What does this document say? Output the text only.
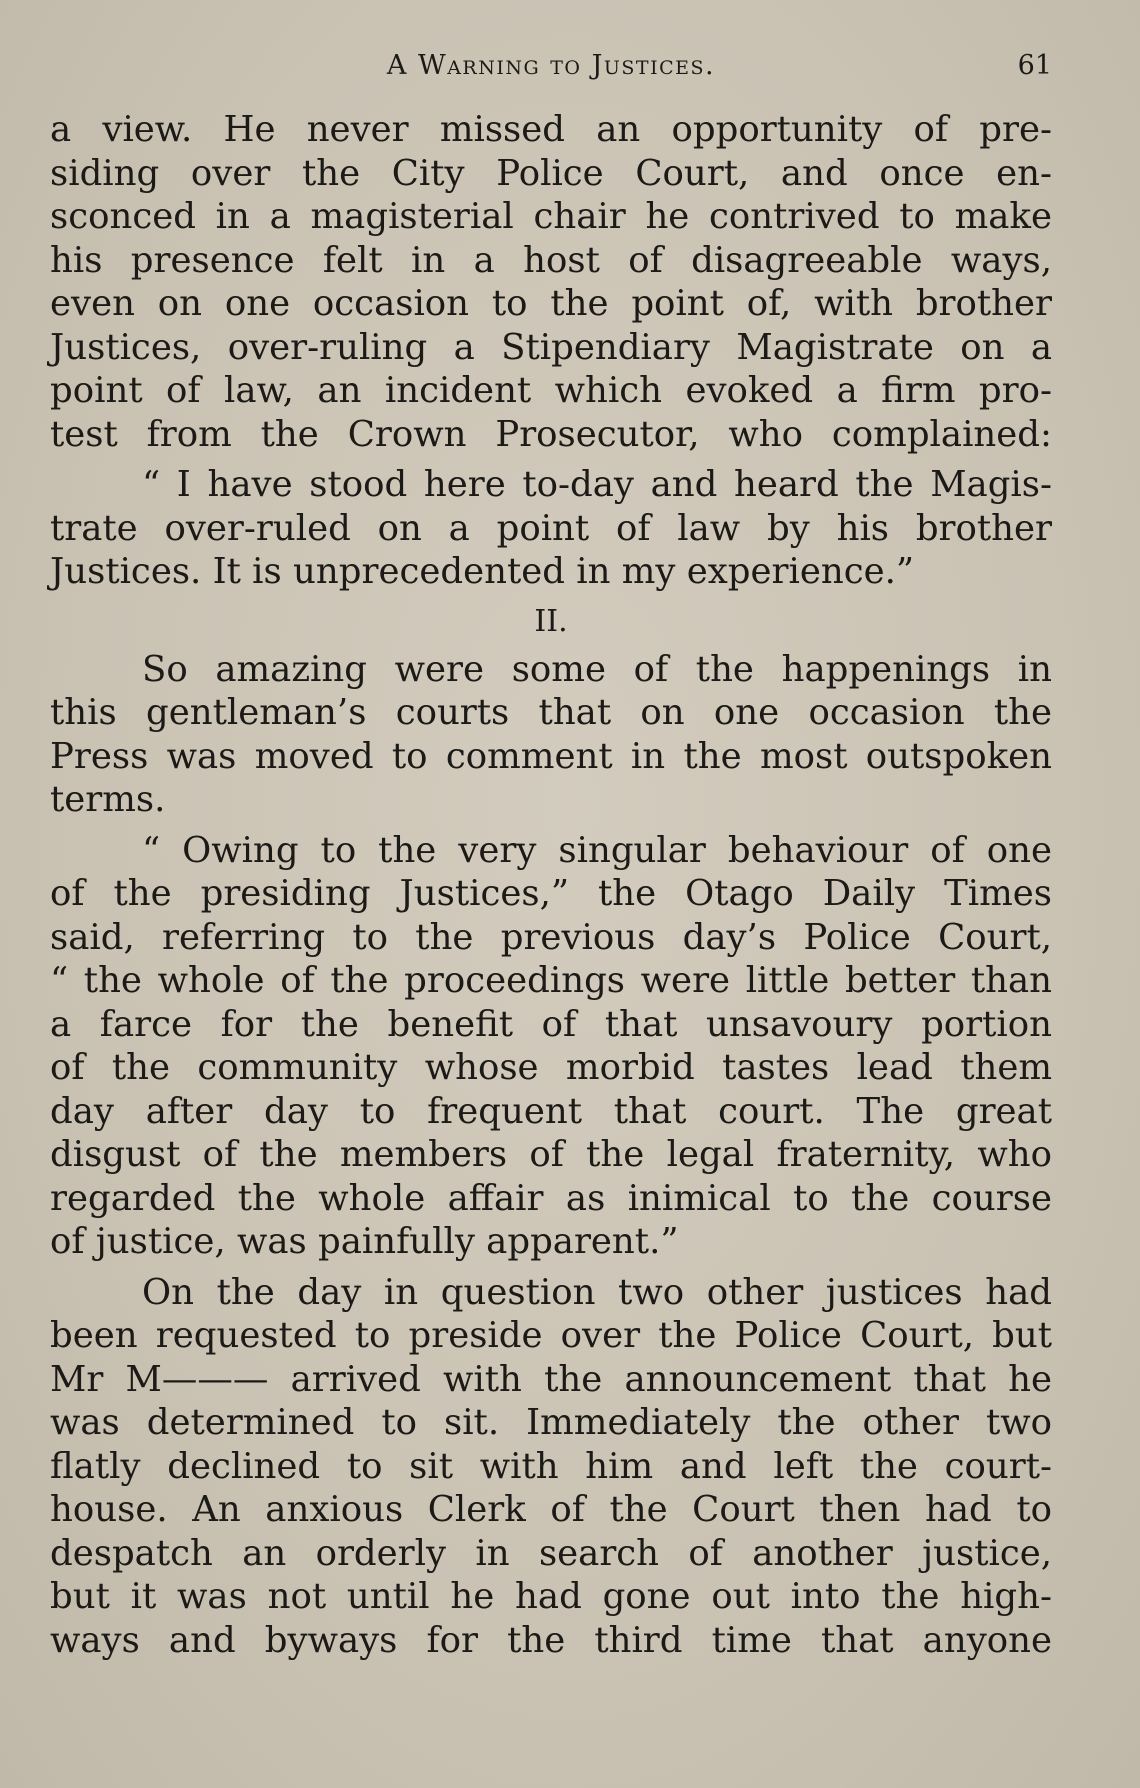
A Warning to Justices.	61

a view. He never missed an opportunity of pre-

siding over the City Police Court, and once en-

sconced in a magisterial chair he contrived to make

his presence felt in a host of disagreeable ways,

even on one occasion to the point of, with brother

Justices, over-ruling a Stipendiary Magistrate on a

point of law, an incident which evoked a firm pro-

test from the Crown Prosecutor, who complained:

“ I have stood here to-day and heard the Magis-

trate over-ruled on a point of law by his brother

Justices. It is unprecedented in my experience.”

II.

So amazing were some of the happenings in

this gentleman’s courts that on one occasion the

Press was moved to comment in the most outspoken

terms.

“ Owing to the very singular behaviour of one

of the presiding Justices,” the Otago Daily Times

said, referring to the previous day’s Police Court,

“ the whole of the proceedings were little better than

a farce for the benefit of that unsavoury portion

of the community whose morbid tastes lead them

day after day to frequent that court. The great

disgust of the members of the legal fraternity, who

regarded the whole affair as inimical to the course

of justice, was painfully apparent.”

On the day in question two other justices had

been requested to preside over the Police Court, but

Mr M——— arrived with the announcement that he

was determined to sit. Immediately the other two

flatly declined to sit with him and left the court-

house. An anxious Clerk of the Court then had to

despatch an orderly in search of another justice,

but it was not until he had gone out into the high-

ways and byways for the third time that anyone
